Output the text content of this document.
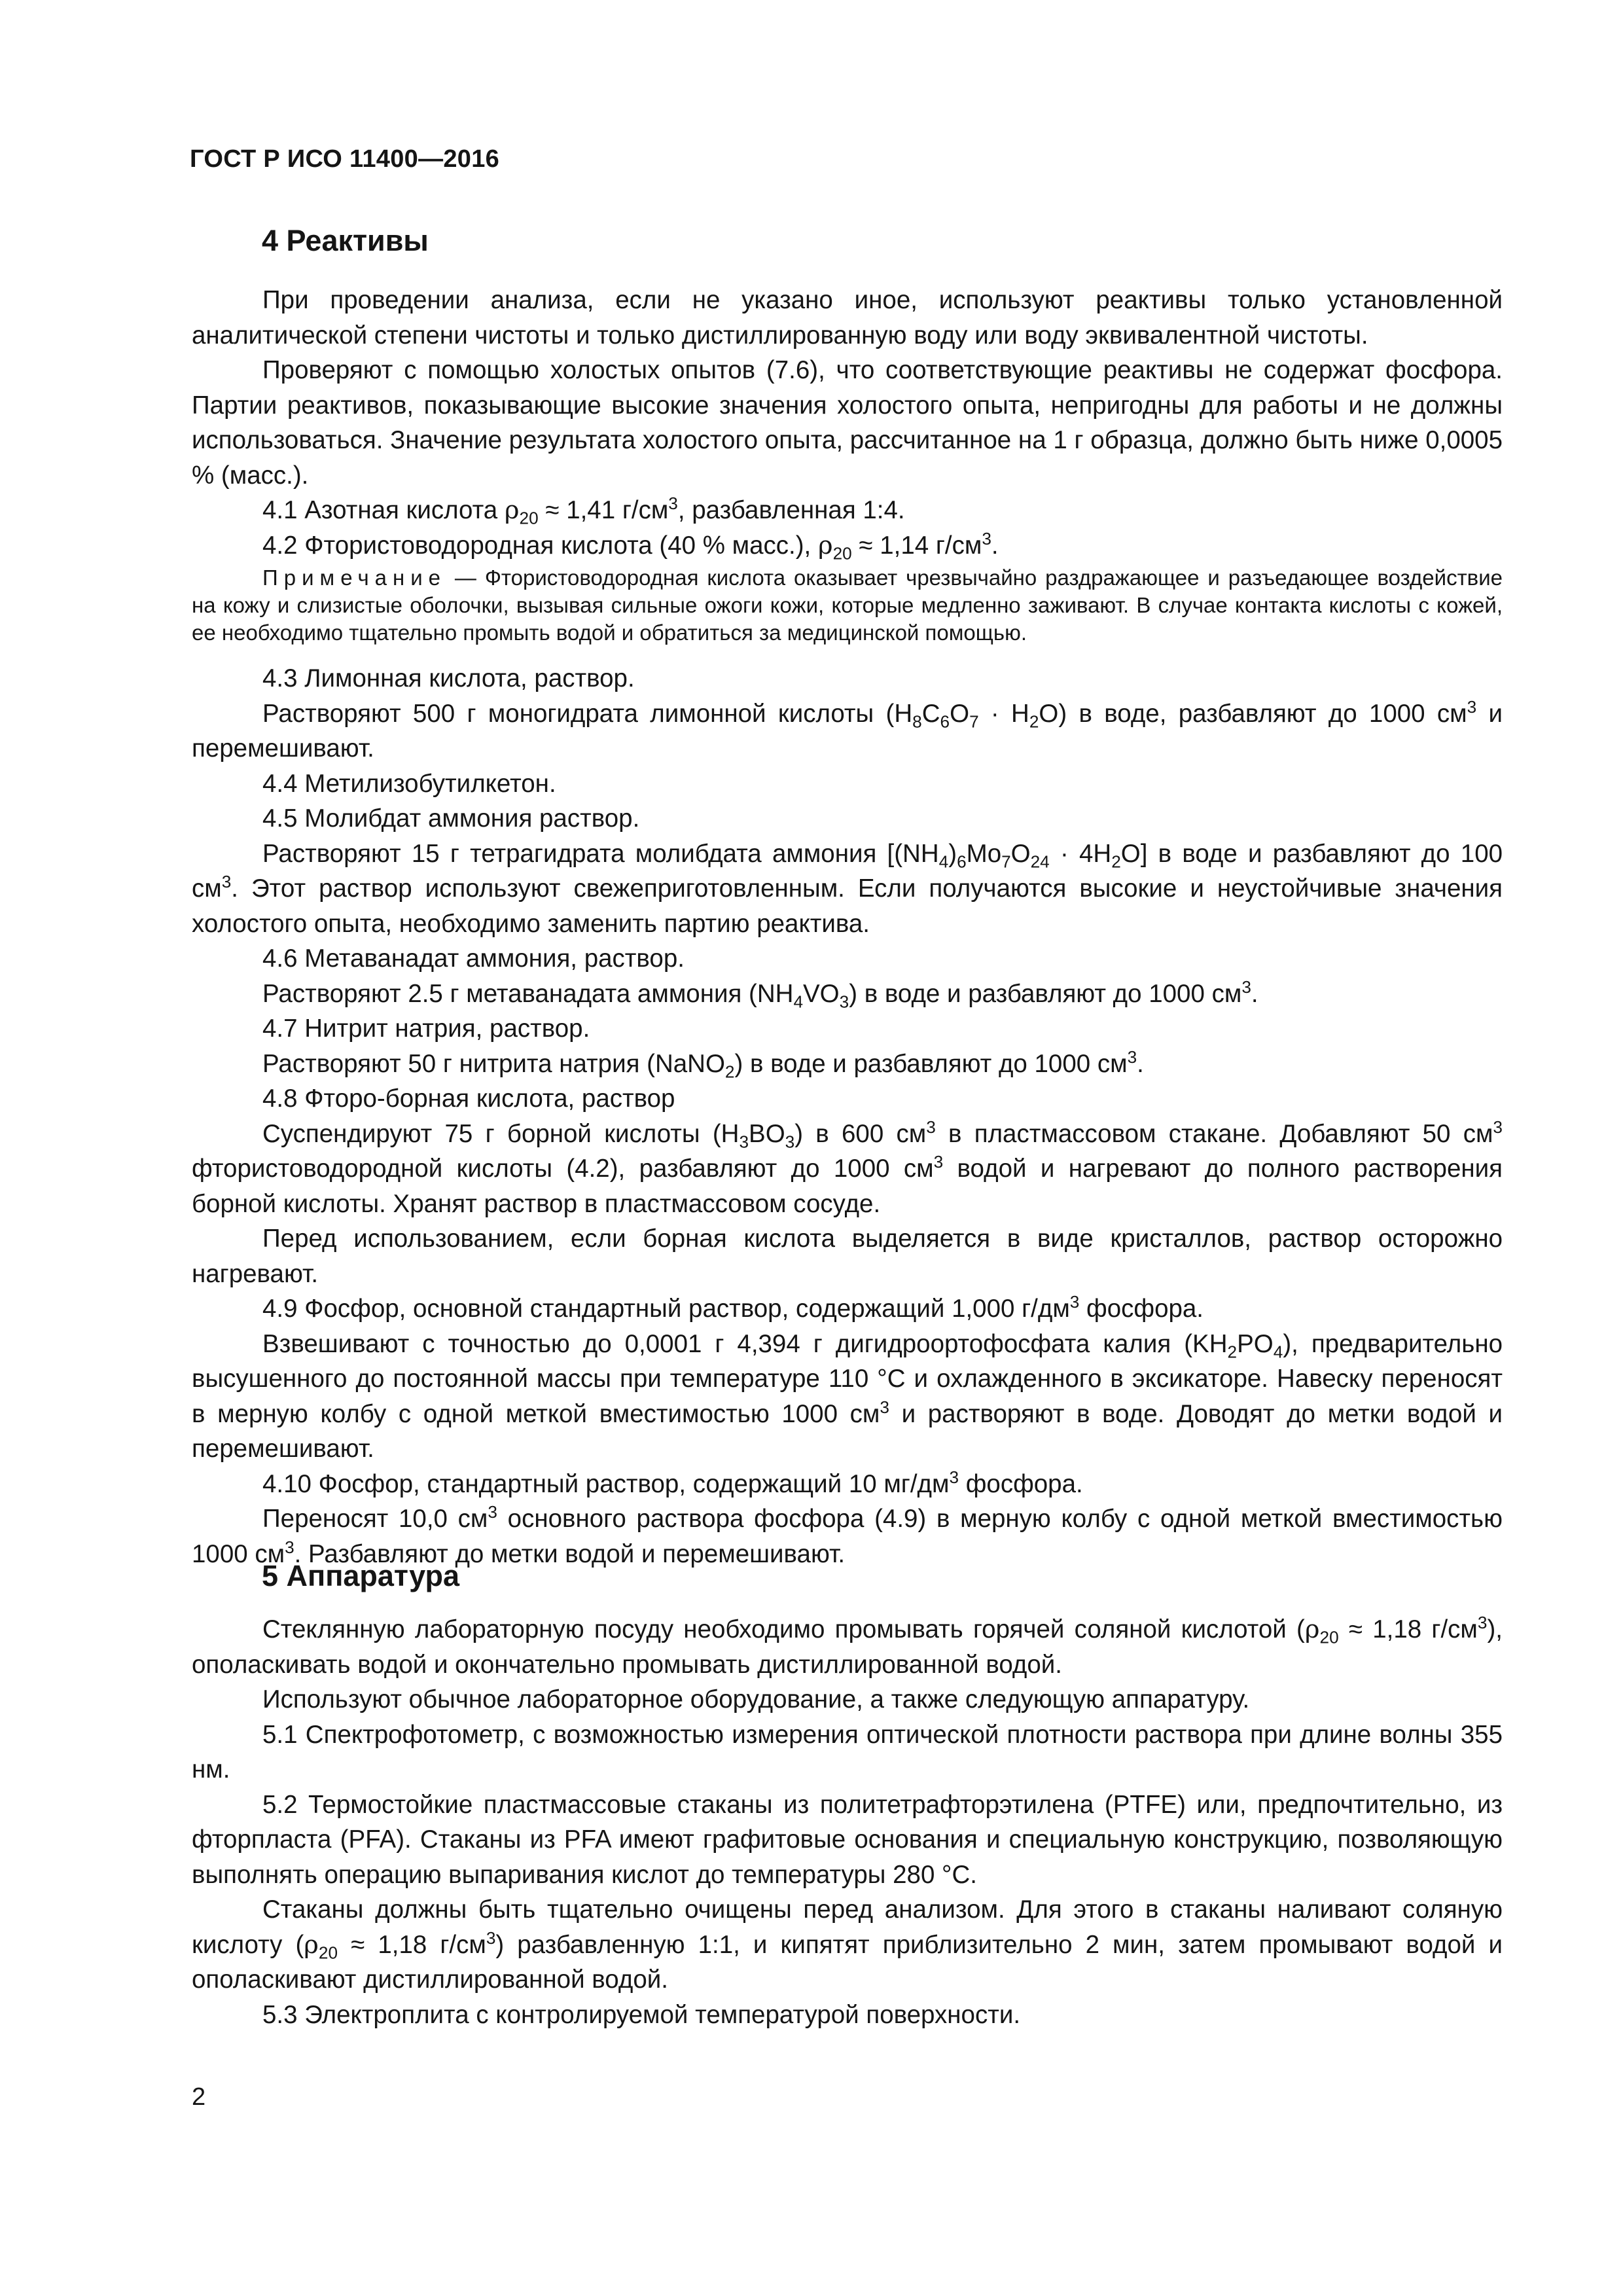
ГОСТ Р ИСО 11400—2016
4 Реактивы

При проведении анализа, если не указано иное, используют реактивы только установленной аналитической степени чистоты и только дистиллированную воду или воду эквивалентной чистоты.

Проверяют с помощью холостых опытов (7.6), что соответствующие реактивы не содержат фосфора. Партии реактивов, показывающие высокие значения холостого опыта, непригодны для работы и не должны использоваться. Значение результата холостого опыта, рассчитанное на 1 г образца, должно быть ниже 0,0005 % (масс.).

4.1 Азотная кислота $\rho_{20} \approx 1,41$ $г/см^3$, разбавленная 1:4.

4.2 Фтористоводородная кислота (40 % масс.), $\rho_{20} \approx 1,14$ $г/см^3$.

Примечание — Фтористоводородная кислота оказывает чрезвычайно раздражающее и разъедающее воздействие на кожу и слизистые оболочки, вызывая сильные ожоги кожи, которые медленно заживают. В случае контакта кислоты с кожей, ее необходимо тщательно промыть водой и обратиться за медицинской помощью.

4.3 Лимонная кислота, раствор.

Растворяют 500 г моногидрата лимонной кислоты $(H_8C_6O_7 \cdot H_2O)$ в воде, разбавляют до 1000 $см^3$ и перемешивают.

4.4 Метилизобутилкетон.

4.5 Молибдат аммония раствор.

Растворяют 15 г тетрагидрата молибдата аммония $[(NH_4)_6Mo_7O_{24} \cdot 4H_2O]$ в воде и разбавляют до 100 $см^3$. Этот раствор используют свежеприготовленным. Если получаются высокие и неустойчивые значения холостого опыта, необходимо заменить партию реактива.

4.6 Метаванадат аммония, раствор.

Растворяют 2.5 г метаванадата аммония $(NH_4VO_3)$ в воде и разбавляют до 1000 $см^3$.

4.7 Нитрит натрия, раствор.

Растворяют 50 г нитрита натрия (NaNO$_2$) в воде и разбавляют до 1000 $см^3$.

4.8 Фторо-борная кислота, раствор

Суспендируют 75 г борной кислоты $(H_3BO_3)$ в 600 $см^3$ в пластмассовом стакане. Добавляют 50 $см^3$ фтористоводородной кислоты (4.2), разбавляют до 1000 $см^3$ водой и нагревают до полного растворения борной кислоты. Хранят раствор в пластмассовом сосуде.

Перед использованием, если борная кислота выделяется в виде кристаллов, раствор осторожно нагревают.

4.9 Фосфор, основной стандартный раствор, содержащий 1,000 $г/дм^3$ фосфора.

Взвешивают с точностью до 0,0001 г 4,394 г дигидроортофосфата калия $(KH_2PO_4)$, предварительно высушенного до постоянной массы при температуре 110 °C и охлажденного в эксикаторе. Навеску переносят в мерную колбу с одной меткой вместимостью 1000 $см^3$ и растворяют в воде. Доводят до метки водой и перемешивают.

4.10 Фосфор, стандартный раствор, содержащий 10 $мг/дм^3$ фосфора.

Переносят 10,0 $см^3$ основного раствора фосфора (4.9) в мерную колбу с одной меткой вместимостью 1000 $см^3$. Разбавляют до метки водой и перемешивают.

5 Аппаратура

Стеклянную лабораторную посуду необходимо промывать горячей соляной кислотой ($\rho_{20} \approx 1,18$ $г/см^3$), ополаскивать водой и окончательно промывать дистиллированной водой.

Используют обычное лабораторное оборудование, а также следующую аппаратуру.

5.1 Спектрофотометр, с возможностью измерения оптической плотности раствора при длине волны 355 нм.

5.2 Термостойкие пластмассовые стаканы из политетрафторэтилена (PTFE) или, предпочтительно, из фторпласта (PFA). Стаканы из PFA имеют графитовые основания и специальную конструкцию, позволяющую выполнять операцию выпаривания кислот до температуры 280 °C.

Стаканы должны быть тщательно очищены перед анализом. Для этого в стаканы наливают соляную кислоту ($\rho_{20} \approx 1,18$ $г/см^3$) разбавленную 1:1, и кипятят приблизительно 2 мин, затем промывают водой и ополаскивают дистиллированной водой.

5.3 Электроплита с контролируемой температурой поверхности.

2
